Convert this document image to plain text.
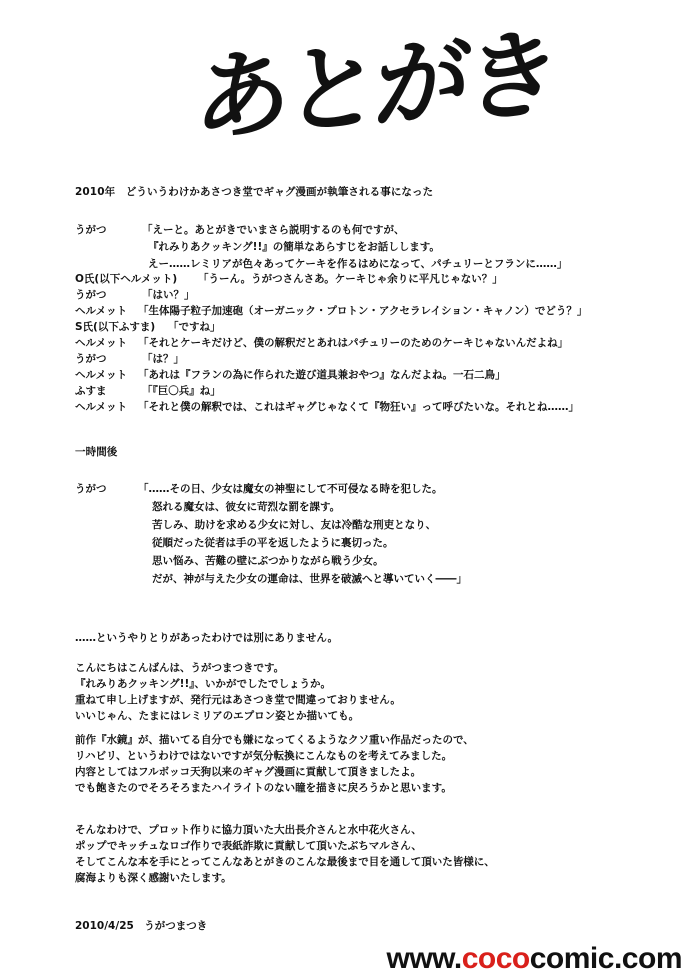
あとがき
2010年　どういうわけかあさつき堂でギャグ漫画が執筆される事になった
うがつ	「えーと。あとがきでいまさら説明するのも何ですが、
『れみりあクッキング!!』の簡単なあらすじをお話しします。
えー……レミリアが色々あってケーキを作るはめになって、パチュリーとフランに……」
O氏(以下ヘルメット) 「うーん。うがつさんさあ。ケーキじゃ余りに平凡じゃない？」
うがつ	「はい？」
ヘルメット 「生体陽子粒子加速砲（オーガニック・プロトン・アクセラレイション・キャノン）でどう？」
S氏(以下ふすま) 「ですね」
ヘルメット 「それとケーキだけど、僕の解釈だとあれはパチュリーのためのケーキじゃないんだよね」
うがつ	「は？」
ヘルメット 「あれは『フランの為に作られた遊び道具兼おやつ』なんだよね。一石二鳥」
ふすま	「『巨〇兵』ね」
ヘルメット 「それと僕の解釈では、これはギャグじゃなくて『物狂い』って呼びたいな。それとね……」
一時間後
うがつ	「……その日、少女は魔女の神聖にして不可侵なる時を犯した。
怒れる魔女は、彼女に苛烈な罰を課す。
苦しみ、助けを求める少女に対し、友は冷酷な刑吏となり、
従順だった従者は手の平を返したように裏切った。
思い悩み、苦難の壁にぶつかりながら戦う少女。
だが、神が与えた少女の運命は、世界を破滅へと導いていく――」
……というやりとりがあったわけでは別にありません。
こんにちはこんばんは、うがつまつきです。
『れみりあクッキング!!』、いかがでしたでしょうか。
重ねて申し上げますが、発行元はあさつき堂で間違っておりません。
いいじゃん、たまにはレミリアのエプロン姿とか描いても。
前作『水鏡』が、描いてる自分でも嫌になってくるようなクソ重い作品だったので、
リハビリ、というわけではないですが気分転換にこんなものを考えてみました。
内容としてはフルボッコ天狗以来のギャグ漫画に貢献して頂きましたよ。
でも飽きたのでそろそろまたハイライトのない瞳を描きに戻ろうかと思います。
そんなわけで、プロット作りに協力頂いた大出長介さんと水中花火さん、
ポップでキッチュなロゴ作りで表紙詐欺に貢献して頂いたぶちマルさん、
そしてこんな本を手にとってこんなあとがきのこんな最後まで目を通して頂いた皆様に、
腐海よりも深く感謝いたします。
2010/4/25　うがつまつき
www.cococomic.com
